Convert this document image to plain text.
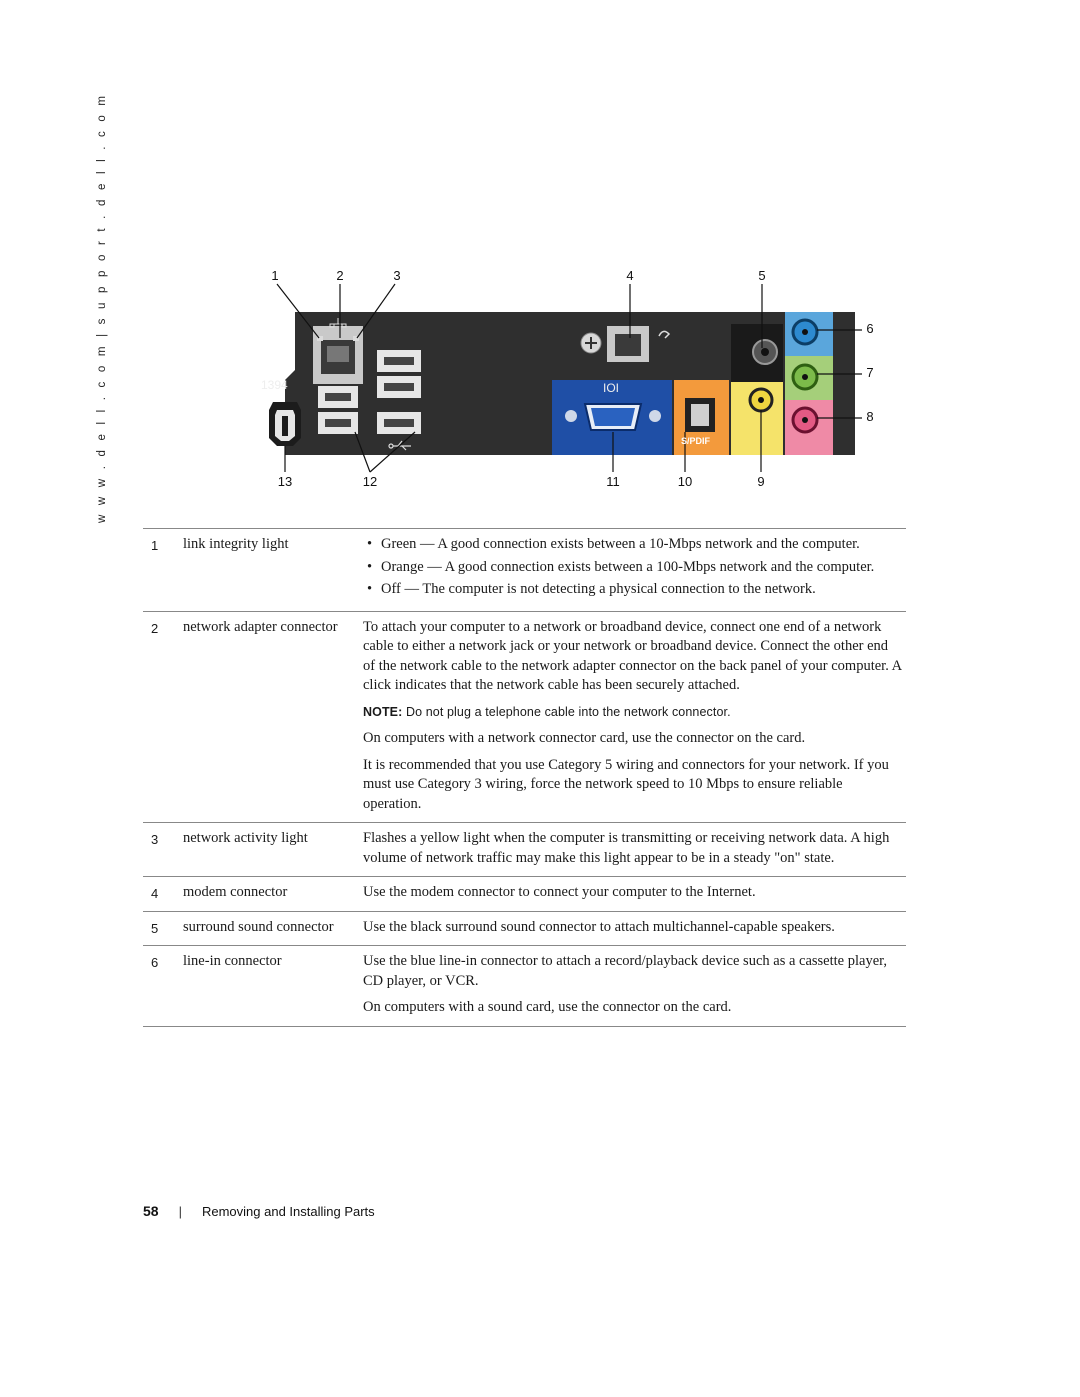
w w w . d e l l . c o m | s u p p o r t . d e l l . c o m	1394	IOI
S/PDIF
1	2	3	4	5
6
7
8
13	12	11	10	9
1	link integrity light
•	Green — A good connection exists between a 10-Mbps network and the computer.
• Orange — A good connection exists between a 100-Mbps network and the computer.
• Off — The computer is not detecting a physical connection to the network.
2	network adapter connector	To attach your computer to a network or broadband device, connect one end of a network cable to either a network jack or your network or broadband device. Connect the other end of the network cable to the network adapter connector on the back panel of your computer. A click indicates that the network cable has been securely attached.

NOTE: Do not plug a telephone cable into the network connector.

On computers with a network connector card, use the connector on the card.

It is recommended that you use Category 5 wiring and connectors for your network. If you must use Category 3 wiring, force the network speed to 10 Mbps to ensure reliable operation.

3	network activity light	Flashes a yellow light when the computer is transmitting or receiving network data. A high volume of network traffic may make this light appear to be in a steady "on" state.

4	modem connector	Use the modem connector to connect your computer to the Internet.

5	surround sound connector	Use the black surround sound connector to attach multichannel-capable speakers.

6	line-in connector	Use the blue line-in connector to attach a record/playback device such as a cassette player, CD player, or VCR.

On computers with a sound card, use the connector on the card.

58 | Removing and Installing Parts
